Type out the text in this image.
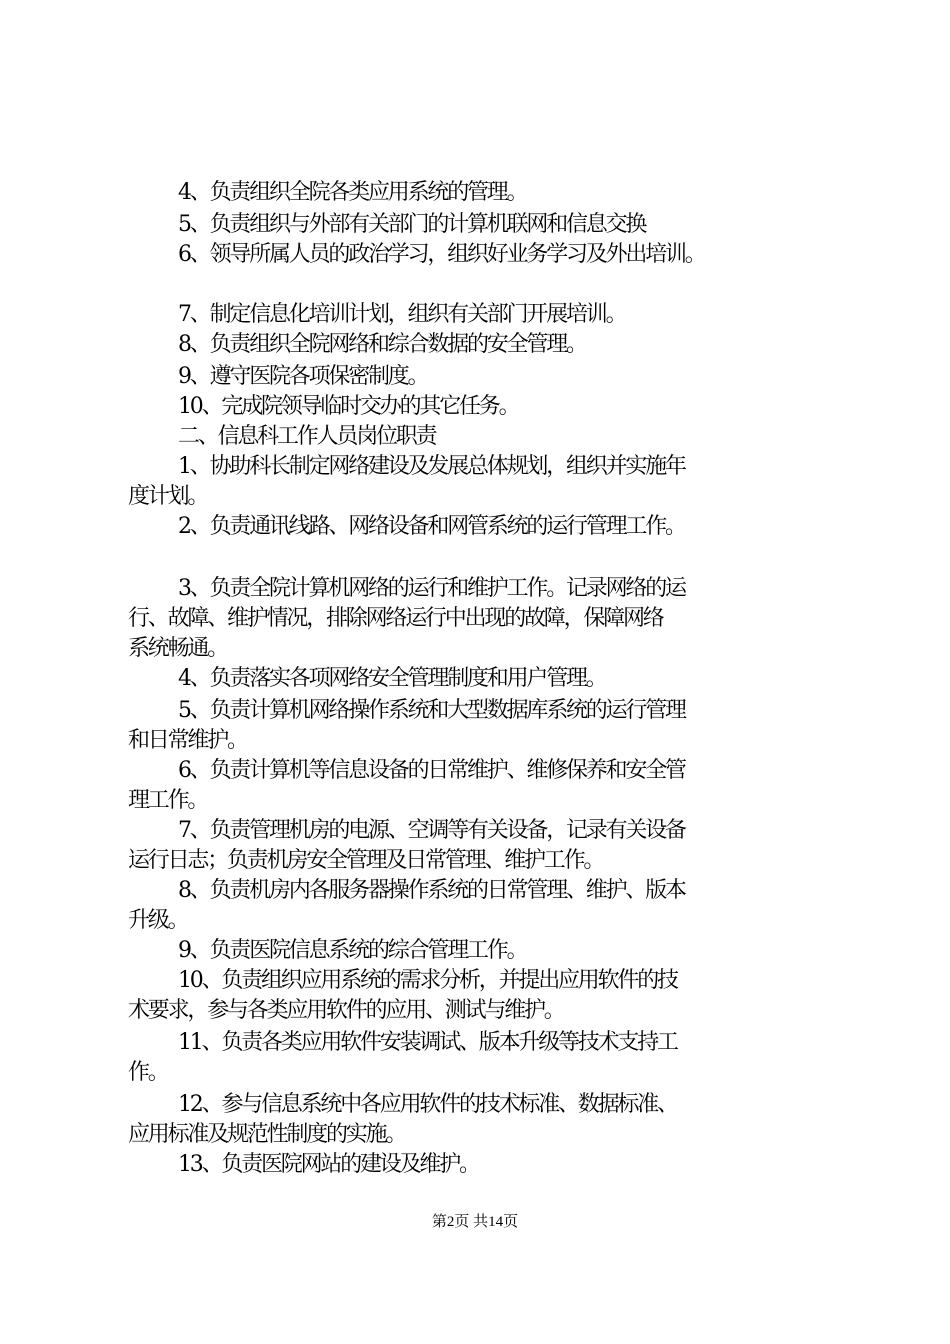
4、负责组织全院各类应用系统的管理。
5、负责组织与外部有关部门的计算机联网和信息交换
6、领导所属人员的政治学习，组织好业务学习及外出培训。
7、制定信息化培训计划，组织有关部门开展培训。
8、负责组织全院网络和综合数据的安全管理。
9、遵守医院各项保密制度。
10、完成院领导临时交办的其它任务。
二、信息科工作人员岗位职责
1、协助科长制定网络建设及发展总体规划，组织并实施年
度计划。
2、负责通讯线路、网络设备和网管系统的运行管理工作。
3、负责全院计算机网络的运行和维护工作。记录网络的运
行、故障、维护情况，排除网络运行中出现的故障，保障网络
系统畅通。
4、负责落实各项网络安全管理制度和用户管理。
5、负责计算机网络操作系统和大型数据库系统的运行管理
和日常维护。
6、负责计算机等信息设备的日常维护、维修保养和安全管
理工作。
7、负责管理机房的电源、空调等有关设备，记录有关设备
运行日志；负责机房安全管理及日常管理、维护工作。
8、负责机房内各服务器操作系统的日常管理、维护、版本
升级。
9、负责医院信息系统的综合管理工作。
10、负责组织应用系统的需求分析，并提出应用软件的技
术要求，参与各类应用软件的应用、测试与维护。
11、负责各类应用软件安装调试、版本升级等技术支持工
作。
12、参与信息系统中各应用软件的技术标准、数据标准、
应用标准及规范性制度的实施。
13、负责医院网站的建设及维护。
第2页 共14页
